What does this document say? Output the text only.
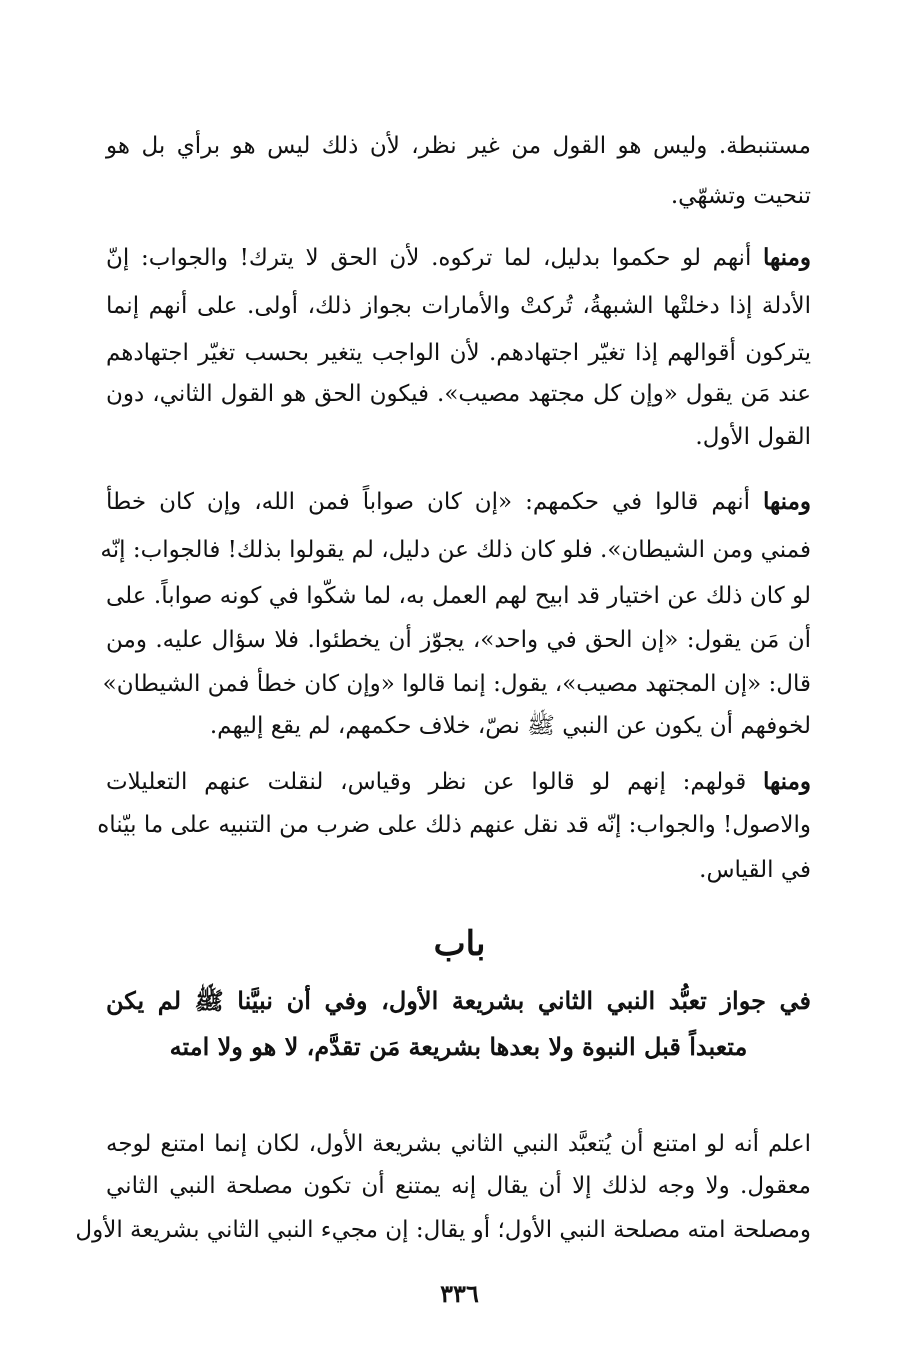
مستنبطة. وليس هو القول من غير نظر، لأن ذلك ليس هو برأي بل هو
تنحيت وتشهّي.
ومنها أنهم لو حكموا بدليل، لما تركوه. لأن الحق لا يترك! والجواب: إنّ
الأدلة إذا دخلتْها الشبهةُ، تُركتْ والأمارات بجواز ذلك، أولى. على أنهم إنما
يتركون أقوالهم إذا تغيّر اجتهادهم. لأن الواجب يتغير بحسب تغيّر اجتهادهم
عند مَن يقول «وإن كل مجتهد مصيب». فيكون الحق هو القول الثاني، دون
القول الأول.
ومنها أنهم قالوا في حكمهم: «إن كان صواباً فمن الله، وإن كان خطأ
فمني ومن الشيطان». فلو كان ذلك عن دليل، لم يقولوا بذلك! فالجواب: إنّه
لو كان ذلك عن اختيار قد ابيح لهم العمل به، لما شكّوا في كونه صواباً. على
أن مَن يقول: «إن الحق في واحد»، يجوّز أن يخطئوا. فلا سؤال عليه. ومن
قال: «إن المجتهد مصيب»، يقول: إنما قالوا «وإن كان خطأ فمن الشيطان»
لخوفهم أن يكون عن النبي ﷺ نصّ، خلاف حكمهم، لم يقع إليهم.
ومنها قولهم: إنهم لو قالوا عن نظر وقياس، لنقلت عنهم التعليلات
والاصول! والجواب: إنّه قد نقل عنهم ذلك على ضرب من التنبيه على ما بيّناه
في القياس.
باب
في جواز تعبُّد النبي الثاني بشريعة الأول، وفي أن نبيَّنا ﷺ لم يكن
متعبداً قبل النبوة ولا بعدها بشريعة مَن تقدَّم، لا هو ولا امته
اعلم أنه لو امتنع أن يُتعبَّد النبي الثاني بشريعة الأول، لكان إنما امتنع لوجه
معقول. ولا وجه لذلك إلا أن يقال إنه يمتنع أن تكون مصلحة النبي الثاني
ومصلحة امته مصلحة النبي الأول؛ أو يقال: إن مجيء النبي الثاني بشريعة الأول
٣٣٦
